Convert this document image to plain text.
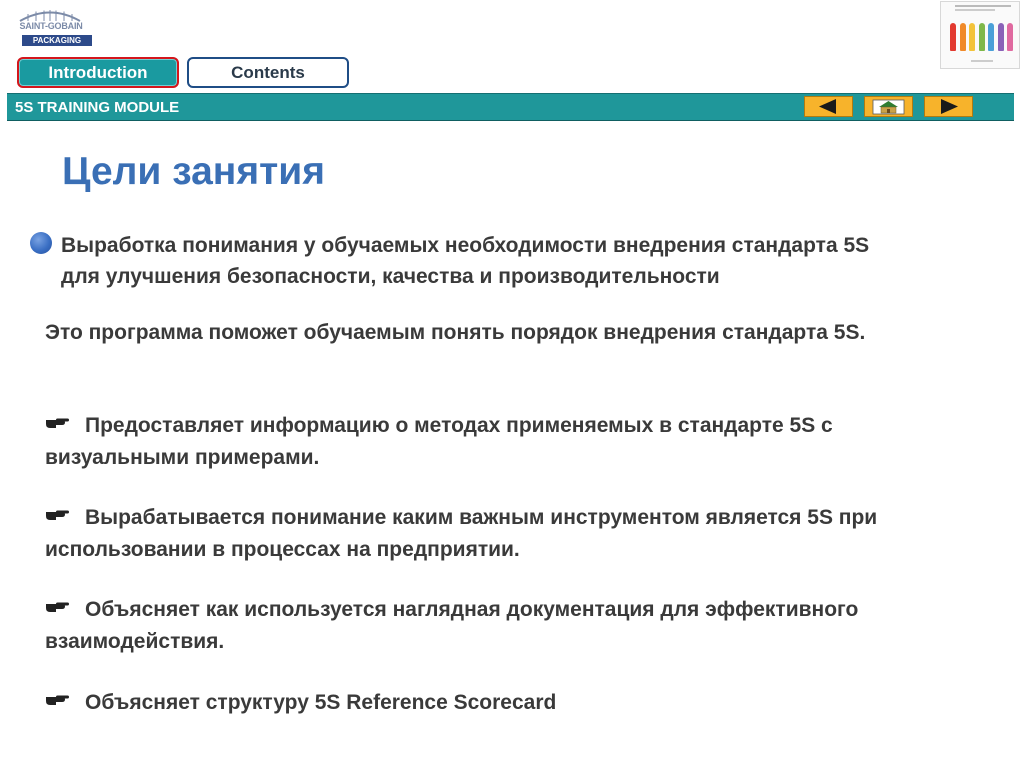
SAINT-GOBAIN
PACKAGING
Introduction	Contents
5S TRAINING MODULE
Цели занятия
Выработка понимания у обучаемых необходимости внедрения стандарта 5S для улучшения безопасности, качества и производительности
Это программа поможет обучаемым понять порядок внедрения стандарта 5S.
Предоставляет информацию о методах применяемых в стандарте 5S с визуальными примерами.
Вырабатывается понимание каким важным инструментом является 5S при использовании в процессах на предприятии.
Объясняет как используется наглядная документация для эффективного взаимодействия.
Объясняет структуру 5S Reference Scorecard
